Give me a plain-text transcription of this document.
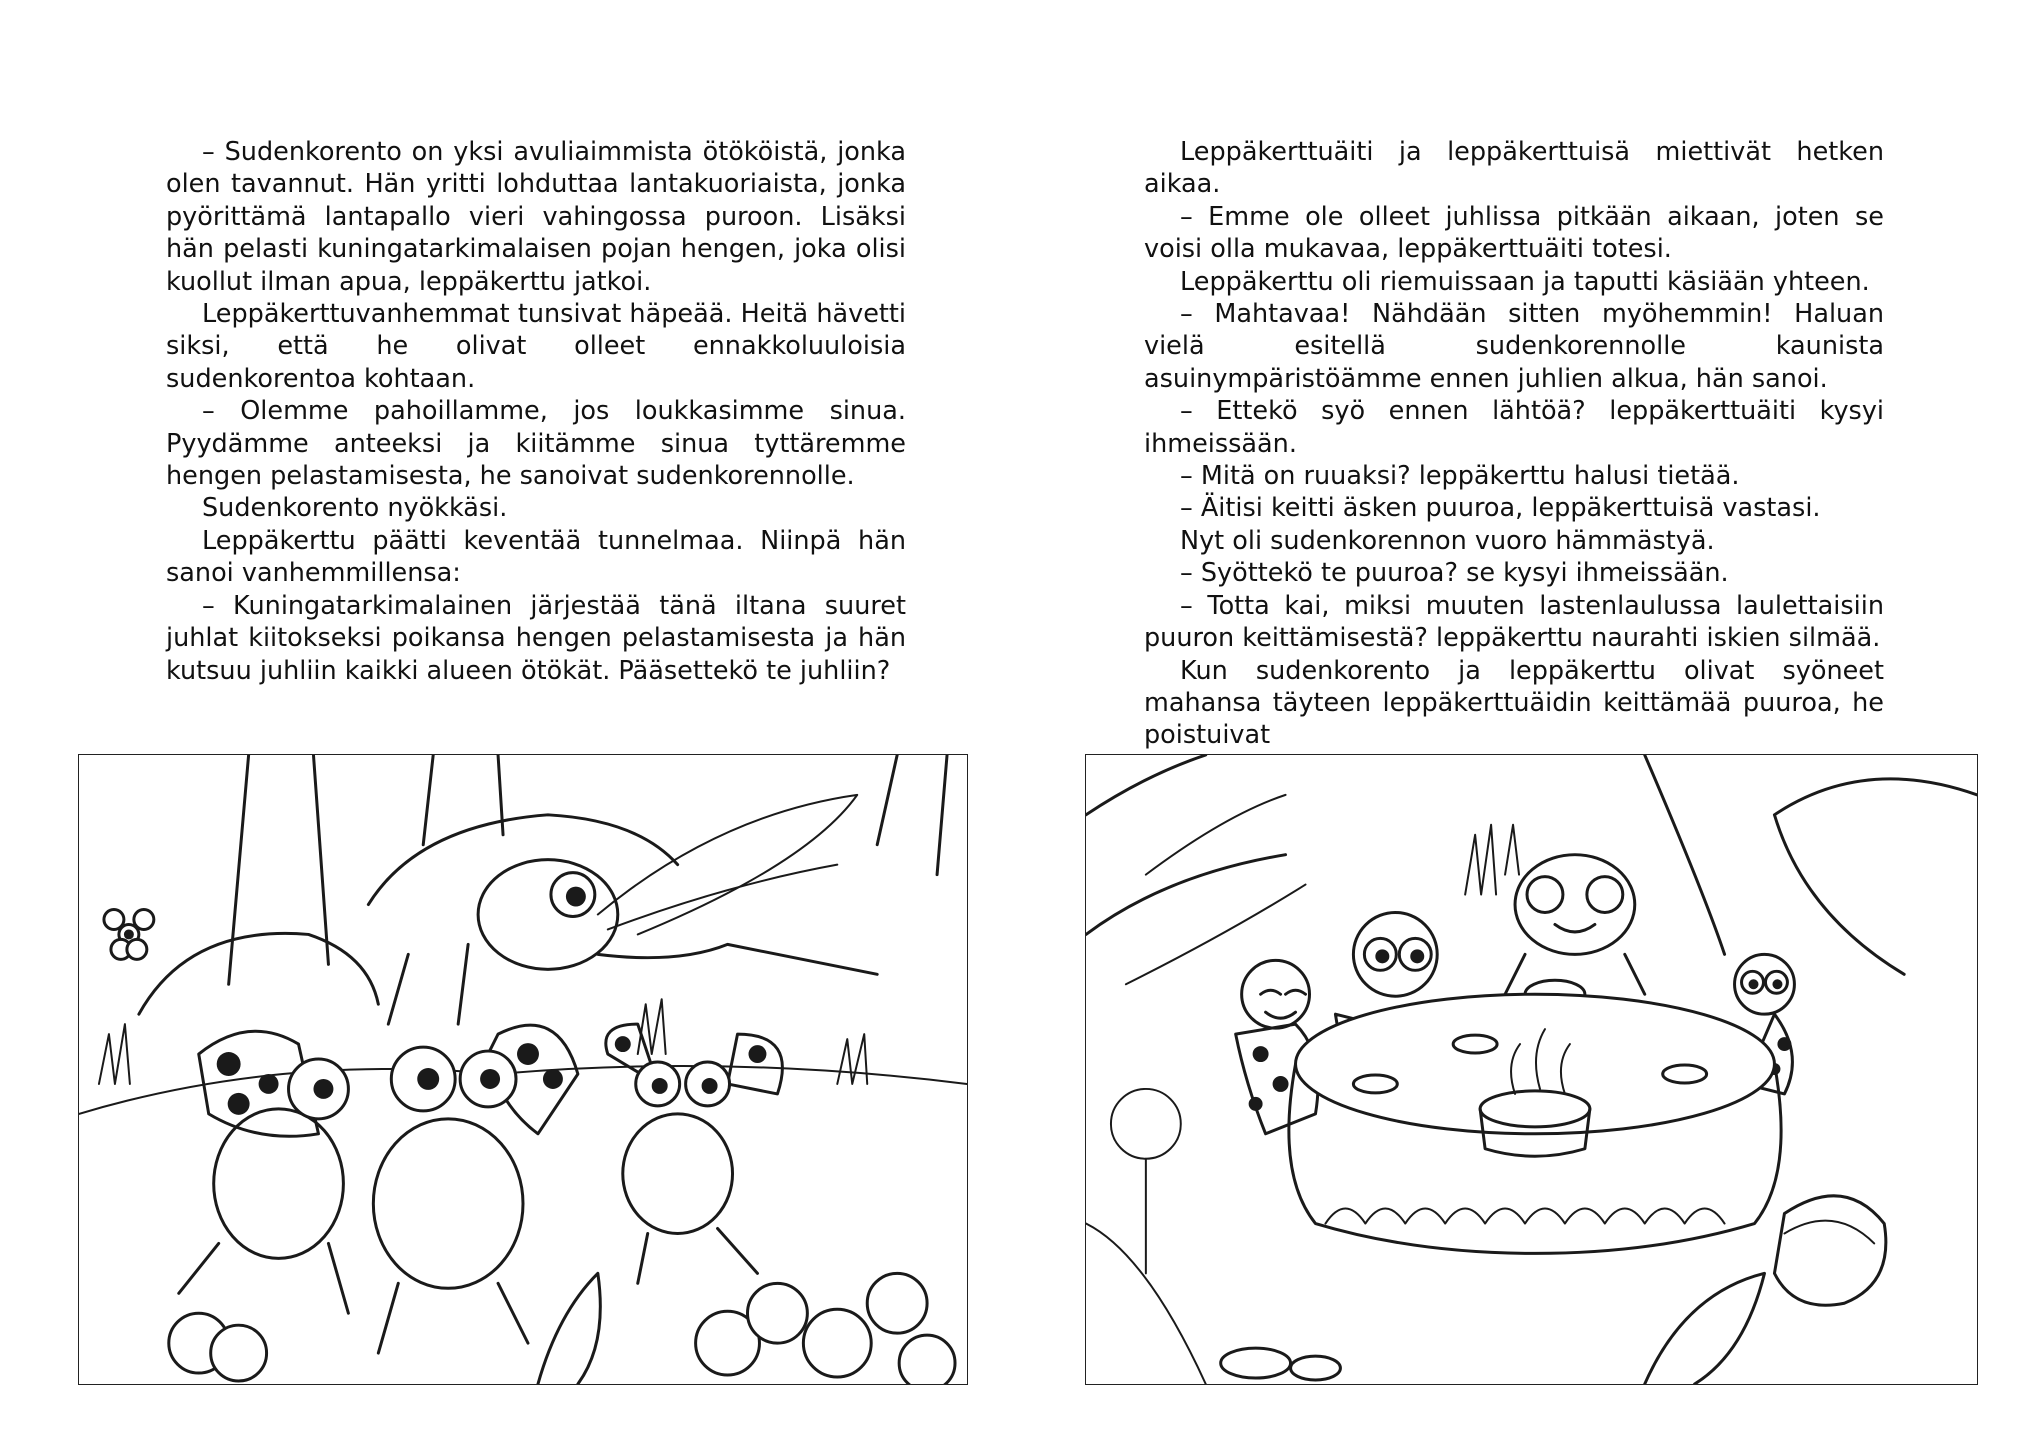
– Sudenkorento on yksi avuliaimmista ötököistä, jonka olen tavannut. Hän yritti lohduttaa lantakuoriaista, jonka pyörittämä lantapallo vieri vahingossa puroon. Lisäksi hän pelasti kuningatarkimalaisen pojan hengen, joka olisi kuollut ilman apua, leppäkerttu jatkoi.

Leppäkerttuvanhemmat tunsivat häpeää. Heitä hävetti siksi, että he olivat olleet ennakkoluuloisia sudenkorentoa kohtaan.

– Olemme pahoillamme, jos loukkasimme sinua. Pyydämme anteeksi ja kiitämme sinua tyttäremme hengen pelastamisesta, he sanoivat sudenkorennolle.

Sudenkorento nyökkäsi.

Leppäkerttu päätti keventää tunnelmaa. Niinpä hän sanoi vanhemmillensa:

– Kuningatarkimalainen järjestää tänä iltana suuret juhlat kiitokseksi poikansa hengen pelastamisesta ja hän kutsuu juhliin kaikki alueen ötökät. Pääsettekö te juhliin?

Leppäkerttuäiti ja leppäkerttuisä miettivät hetken aikaa.

– Emme ole olleet juhlissa pitkään aikaan, joten se voisi olla mukavaa, leppäkerttuäiti totesi.

Leppäkerttu oli riemuissaan ja taputti käsiään yhteen.

– Mahtavaa! Nähdään sitten myöhemmin! Haluan vielä esitellä sudenkorennolle kaunista asuinympäristöämme ennen juhlien alkua, hän sanoi.

– Ettekö syö ennen lähtöä? leppäkerttuäiti kysyi ihmeissään.

– Mitä on ruuaksi? leppäkerttu halusi tietää.

– Äitisi keitti äsken puuroa, leppäkerttuisä vastasi.

Nyt oli sudenkorennon vuoro hämmästyä.

– Syöttekö te puuroa? se kysyi ihmeissään.

– Totta kai, miksi muuten lastenlaulussa laulettaisiin puuron keittämisestä? leppäkerttu naurahti iskien silmää.

Kun sudenkorento ja leppäkerttu olivat syöneet mahansa täyteen leppäkerttuäidin keittämää puuroa, he poistuivat
